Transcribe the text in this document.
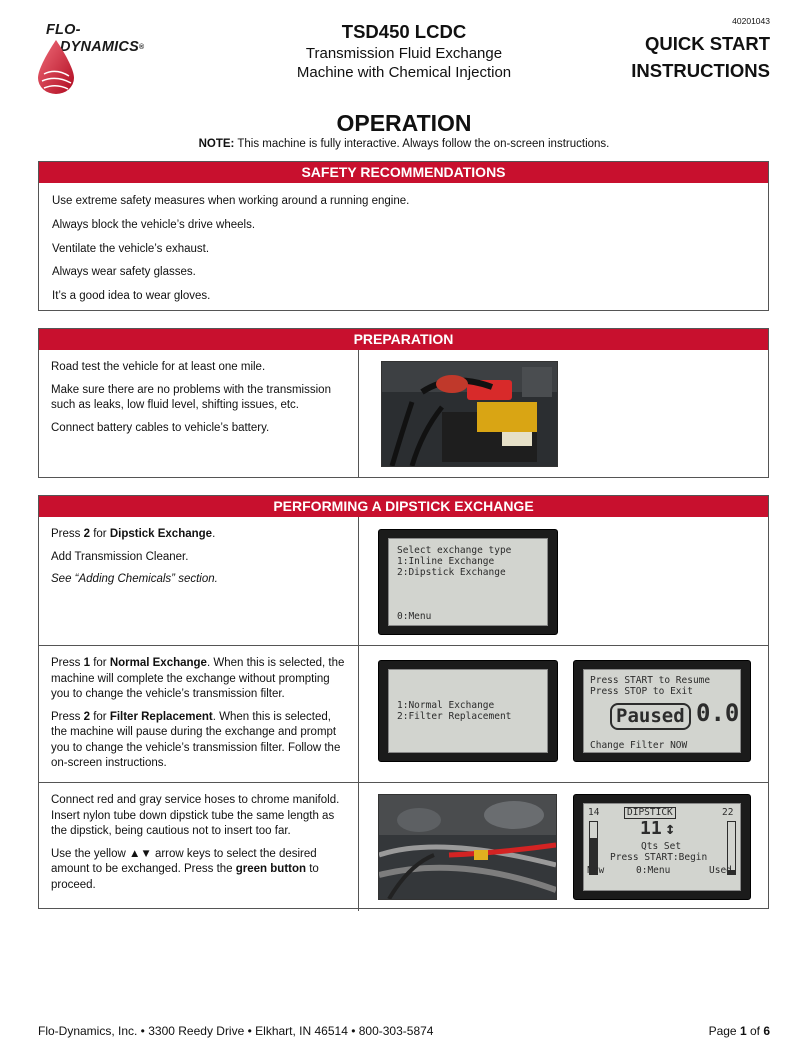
FLO-
DYNAMICS®
TSD450 LCDC
Transmission Fluid Exchange
Machine with Chemical Injection
40201043
QUICK START
INSTRUCTIONS
OPERATION
NOTE: This machine is fully interactive. Always follow the on-screen instructions.
SAFETY RECOMMENDATIONS

Use extreme safety measures when working around a running engine.

Always block the vehicle’s drive wheels.

Ventilate the vehicle’s exhaust.

Always wear safety glasses.

It’s a good idea to wear gloves.

PREPARATION

Road test the vehicle for at least one mile.

Make sure there are no problems with the transmission such as leaks, low fluid level, shifting issues, etc.

Connect battery cables to vehicle’s battery.

PERFORMING A DIPSTICK EXCHANGE

Press 2 for Dipstick Exchange.

Add Transmission Cleaner.

See “Adding Chemicals” section.

Select exchange type
1:Inline Exchange
2:Dipstick Exchange
0:Menu

Press 1 for Normal Exchange. When this is selected, the machine will complete the exchange without prompting you to change the vehicle’s transmission filter.

Press 2 for Filter Replacement. When this is selected, the machine will pause during the exchange and prompt you to change the vehicle’s transmission filter. Follow the on-screen instructions.

1:Normal Exchange
2:Filter Replacement
Press START to Resume
Press STOP to Exit
Paused 0.0
Change Filter NOW

Connect red and gray service hoses to chrome manifold. Insert nylon tube down dipstick tube the same length as the dipstick, being cautious not to insert too far.

Use the yellow ▲▼ arrow keys to select the desired amount to be exchanged. Press the green button to proceed.

14	22
DIPSTICK
11 ↕
Qts Set
Press START:Begin
New	0:Menu	Used
Flo-Dynamics, Inc. • 3300 Reedy Drive • Elkhart, IN 46514 • 800-303-5874	Page 1 of 6
